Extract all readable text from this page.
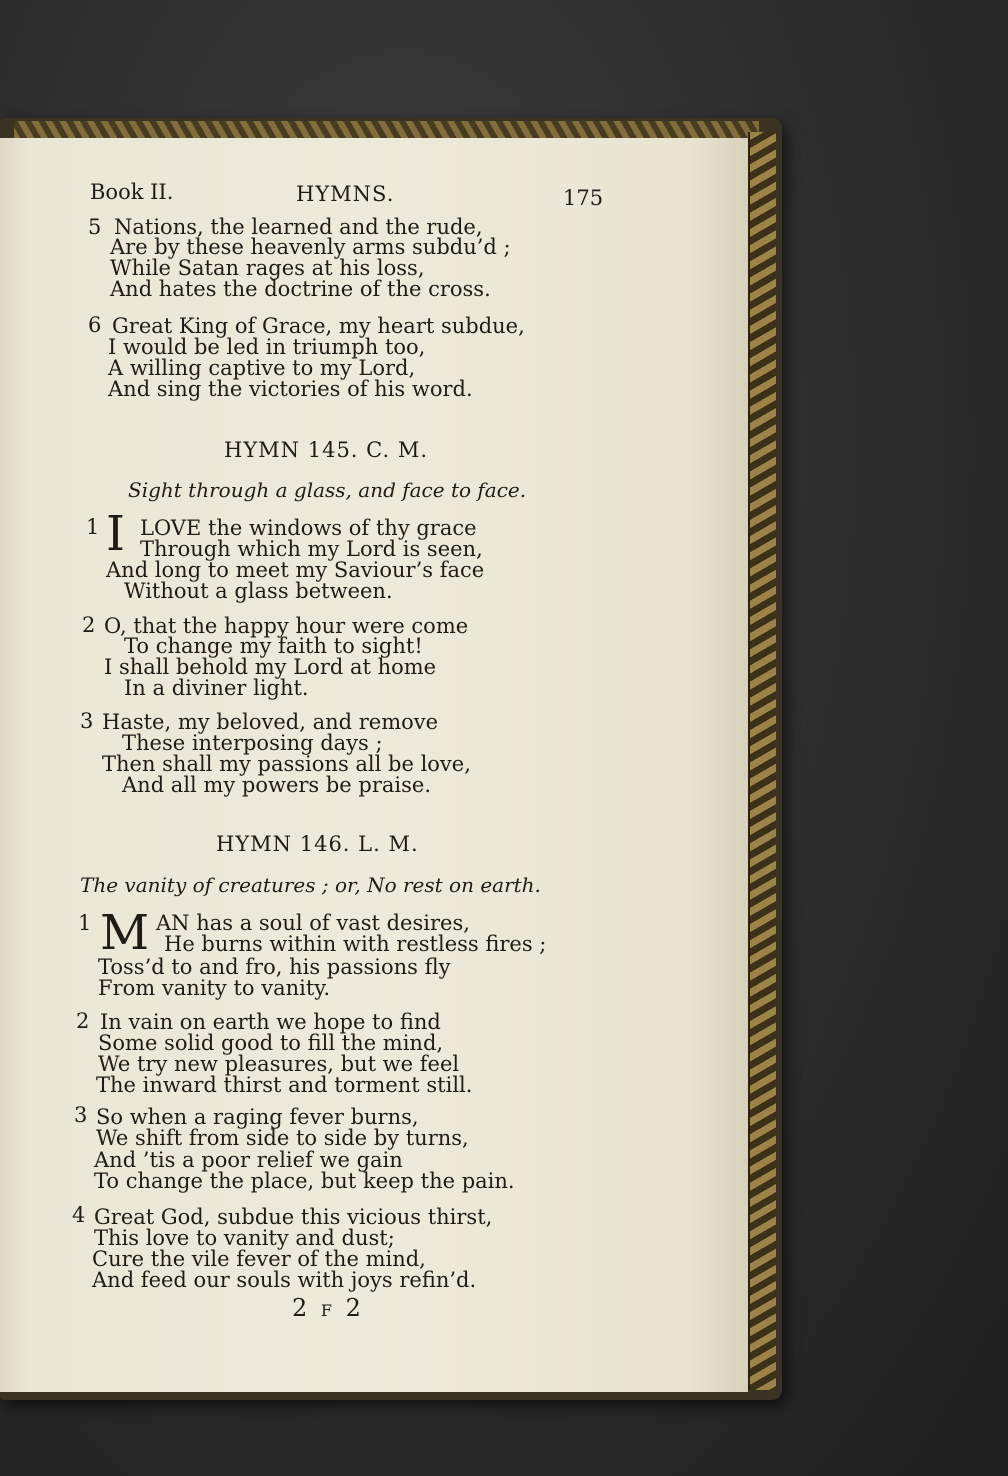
Book II.	HYMNS.	175
5 Nations, the learned and the rude,
Are by these heavenly arms subdu’d ;
While Satan rages at his loss,
And hates the doctrine of the cross.
6 Great King of Grace, my heart subdue,
I would be led in triumph too,
A willing captive to my Lord,
And sing the victories of his word.
HYMN 145. C. M.
Sight through a glass, and face to face.
1 I LOVE the windows of thy grace
Through which my Lord is seen,
And long to meet my Saviour’s face
Without a glass between.
2 O, that the happy hour were come
To change my faith to sight!
I shall behold my Lord at home
In a diviner light.
3 Haste, my beloved, and remove
These interposing days ;
Then shall my passions all be love,
And all my powers be praise.
HYMN 146. L. M.
The vanity of creatures ; or, No rest on earth.
1 M AN has a soul of vast desires,
He burns within with restless fires ;
Toss’d to and fro, his passions fly
From vanity to vanity.
2 In vain on earth we hope to find
Some solid good to fill the mind,
We try new pleasures, but we feel
The inward thirst and torment still.
3 So when a raging fever burns,
We shift from side to side by turns,
And ’tis a poor relief we gain
To change the place, but keep the pain.
4 Great God, subdue this vicious thirst,
This love to vanity and dust;
Cure the vile fever of the mind,
And feed our souls with joys refin’d.
2 F 2
